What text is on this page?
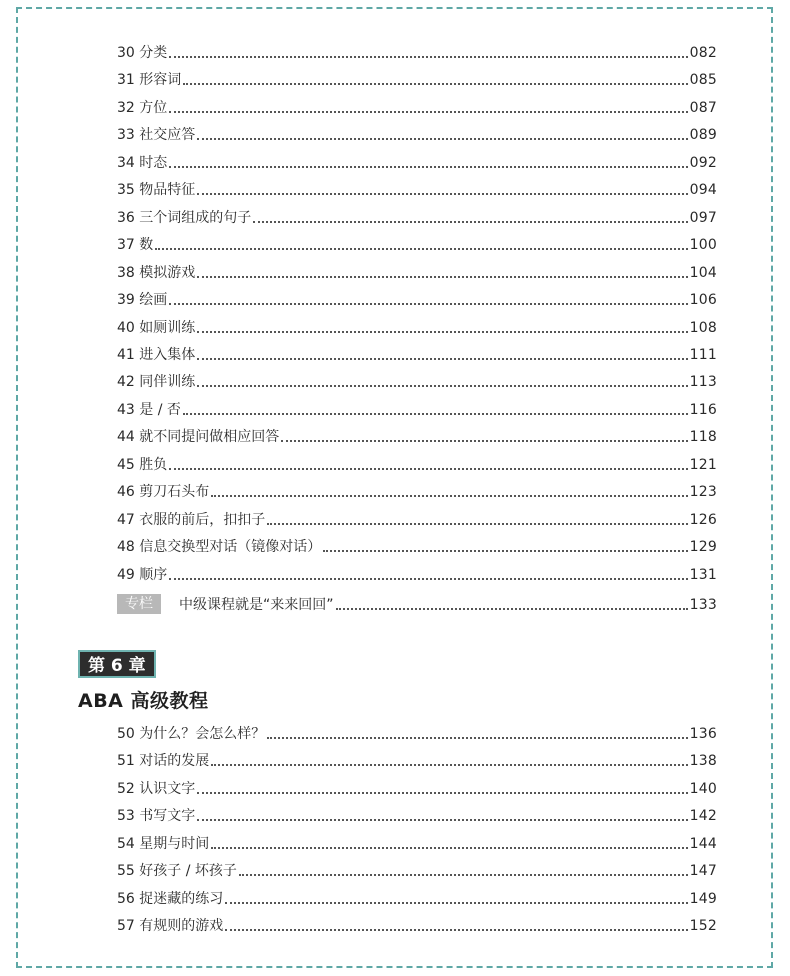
30 分类	082
31 形容词	085
32 方位	087
33 社交应答	089
34 时态	092
35 物品特征	094
36 三个词组成的句子	097
37 数	100
38 模拟游戏	104
39 绘画	106
40 如厕训练	108
41 进入集体	111
42 同伴训练	113
43 是 / 否	116
44 就不同提问做相应回答	118
45 胜负	121
46 剪刀石头布	123
47 衣服的前后，扣扣子	126
48 信息交换型对话（镜像对话）	129
49 顺序	131
专栏	中级课程就是“来来回回”	133
第 6 章
ABA 高级教程
50 为什么？会怎么样？	136
51 对话的发展	138
52 认识文字	140
53 书写文字	142
54 星期与时间	144
55 好孩子 / 坏孩子	147
56 捉迷藏的练习	149
57 有规则的游戏	152
